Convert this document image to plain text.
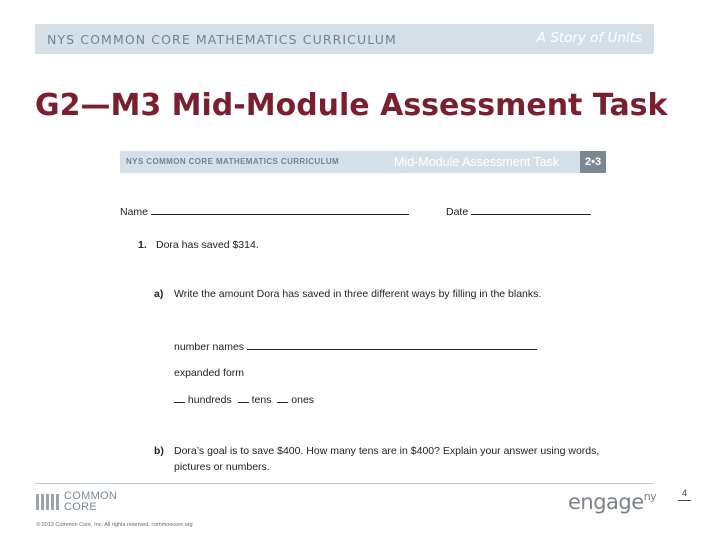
NYS COMMON CORE MATHEMATICS CURRICULUM	A Story of Units
G2—M3 Mid-Module Assessment Task
NYS COMMON CORE MATHEMATICS CURRICULUM	Mid-Module Assessment Task	2•3
Name	Date
1. Dora has saved $314.
a) Write the amount Dora has saved in three different ways by filling in the blanks.
number names
expanded form
hundreds tens ones
b) Dora’s goal is to save $400. How many tens are in $400? Explain your answer using words,
pictures or numbers.
COMMON
CORE
© 2013 Common Core, Inc. All rights reserved. commoncore.org
engage$^{ny}$	4
